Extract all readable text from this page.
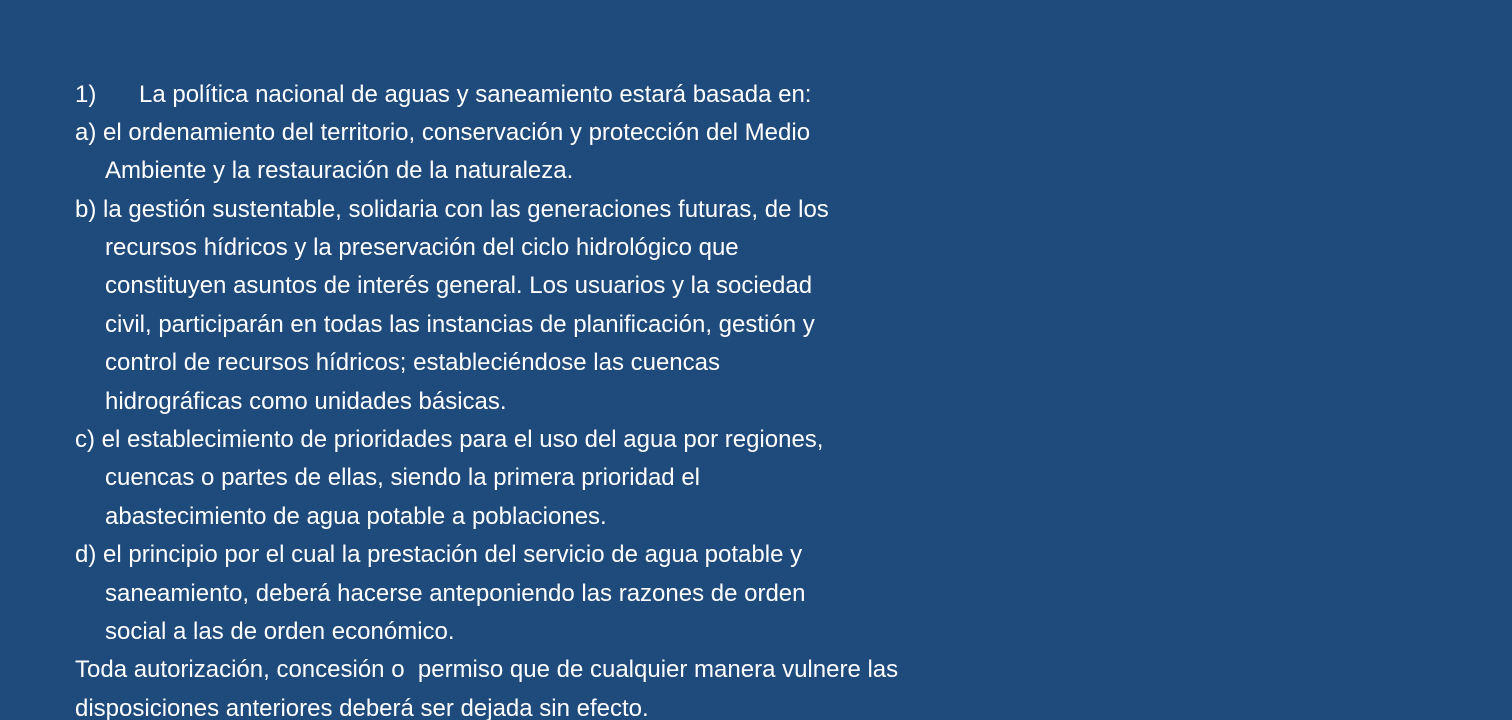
1) La política nacional de aguas y saneamiento estará basada en:

a) el ordenamiento del territorio, conservación y protección del Medio
Ambiente y la restauración de la naturaleza.
b) la gestión sustentable, solidaria con las generaciones futuras, de los
recursos hídricos y la preservación del ciclo hidrológico que
constituyen asuntos de interés general. Los usuarios y la sociedad
civil, participarán en todas las instancias de planificación, gestión y
control de recursos hídricos; estableciéndose las cuencas
hidrográficas como unidades básicas.
c) el establecimiento de prioridades para el uso del agua por regiones,
cuencas o partes de ellas, siendo la primera prioridad el
abastecimiento de agua potable a poblaciones.
d) el principio por el cual la prestación del servicio de agua potable y
saneamiento, deberá hacerse anteponiendo las razones de orden
social a las de orden económico.
Toda autorización, concesión o  permiso que de cualquier manera vulnere las
disposiciones anteriores deberá ser dejada sin efecto.
